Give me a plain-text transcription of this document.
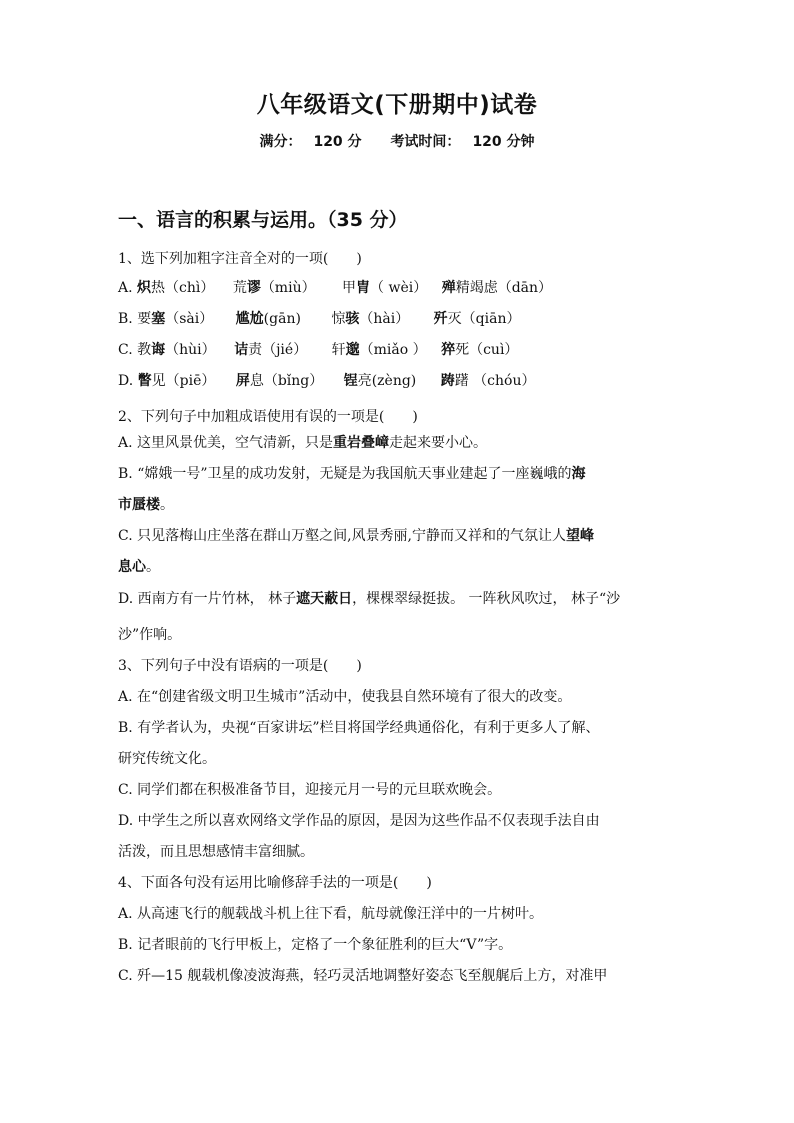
八年级语文(下册期中)试卷
满分： 120 分 考试时间： 120 分钟
一、语言的积累与运用。（35 分）
1、选下列加粗字注音全对的一项(　　)
A. 炽热（chì） 荒谬（miù） 甲胄（ wèi） 殚精竭虑（dān）
B. 要塞（sài） 尴尬(gān) 惊骇（hài） 歼灭（qiān）
C. 教诲（hùi） 诘责（jié） 轩邈（miǎo ） 猝死（cuì）
D. 瞥见（piē） 屏息（bǐng） 锃亮(zèng) 踌躇 （chóu）
2、下列句子中加粗成语使用有误的一项是(　　)
A. 这里风景优美，空气清新，只是重岩叠嶂走起来要小心。
B. “嫦娥一号”卫星的成功发射，无疑是为我国航天事业建起了一座巍峨的海
市蜃楼。
C. 只见落梅山庄坐落在群山万壑之间,风景秀丽,宁静而又祥和的气氛让人望峰
息心。
D. 西南方有一片竹林， 林子遮天蔽日，棵棵翠绿挺拔。 一阵秋风吹过， 林子“沙
沙”作响。
3、下列句子中没有语病的一项是(　　)
A. 在“创建省级文明卫生城市”活动中，使我县自然环境有了很大的改变。
B. 有学者认为，央视“百家讲坛”栏目将国学经典通俗化，有利于更多人了解、
研究传统文化。
C. 同学们都在积极准备节目，迎接元月一号的元旦联欢晚会。
D. 中学生之所以喜欢网络文学作品的原因，是因为这些作品不仅表现手法自由
活泼，而且思想感情丰富细腻。
4、下面各句没有运用比喻修辞手法的一项是(　　)
A. 从高速飞行的舰载战斗机上往下看，航母就像汪洋中的一片树叶。
B. 记者眼前的飞行甲板上，定格了一个象征胜利的巨大“V”字。
C. 歼—15 舰载机像凌波海燕，轻巧灵活地调整好姿态飞至舰艉后上方，对准甲
